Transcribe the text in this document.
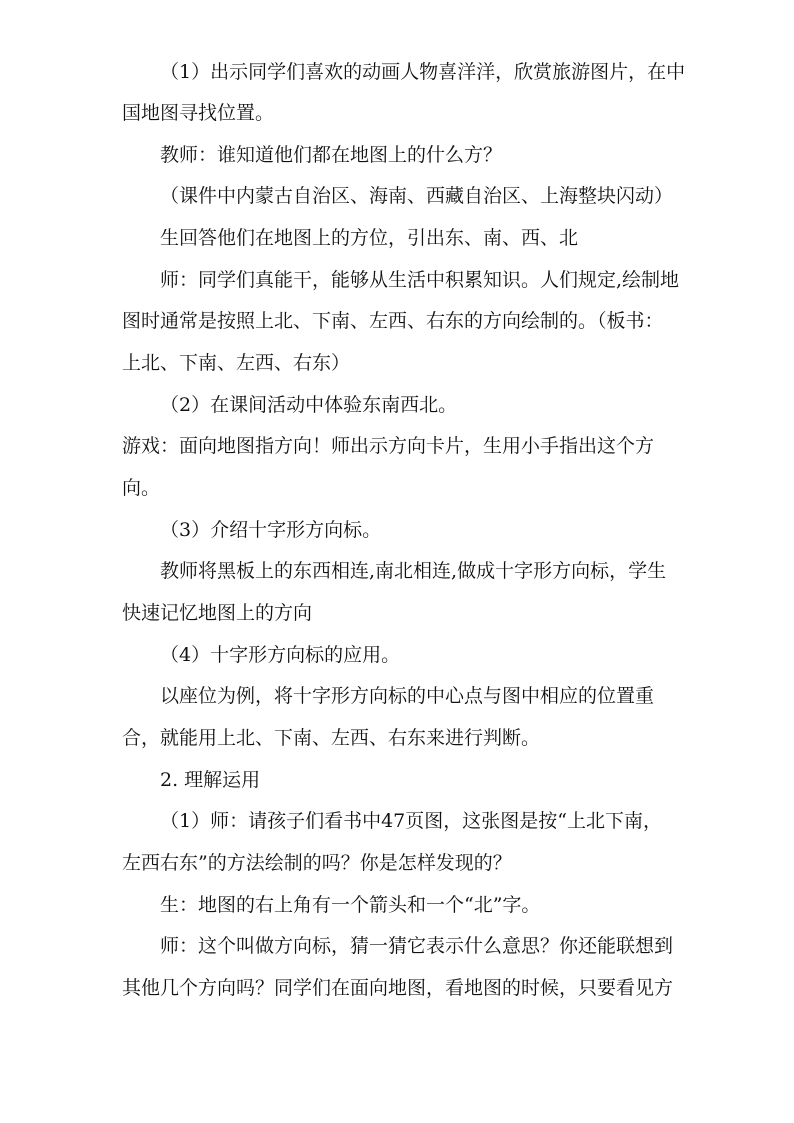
（1）出示同学们喜欢的动画人物喜洋洋，欣赏旅游图片，在中
国地图寻找位置。
教师：谁知道他们都在地图上的什么方？
（课件中内蒙古自治区、海南、西藏自治区、上海整块闪动）
生回答他们在地图上的方位，引出东、南、西、北
师：同学们真能干，能够从生活中积累知识。人们规定,绘制地
图时通常是按照上北、下南、左西、右东的方向绘制的。（板书：
上北、下南、左西、右东）
（2）在课间活动中体验东南西北。
游戏：面向地图指方向！师出示方向卡片，生用小手指出这个方
向。
（3）介绍十字形方向标。
教师将黑板上的东西相连,南北相连,做成十字形方向标，学生
快速记忆地图上的方向
（4）十字形方向标的应用。
以座位为例，将十字形方向标的中心点与图中相应的位置重
合，就能用上北、下南、左西、右东来进行判断。
2. 理解运用
（1）师：请孩子们看书中47页图，这张图是按“上北下南，
左西右东”的方法绘制的吗？你是怎样发现的？
生：地图的右上角有一个箭头和一个“北”字。
师：这个叫做方向标，猜一猜它表示什么意思？你还能联想到
其他几个方向吗？同学们在面向地图，看地图的时候，只要看见方
